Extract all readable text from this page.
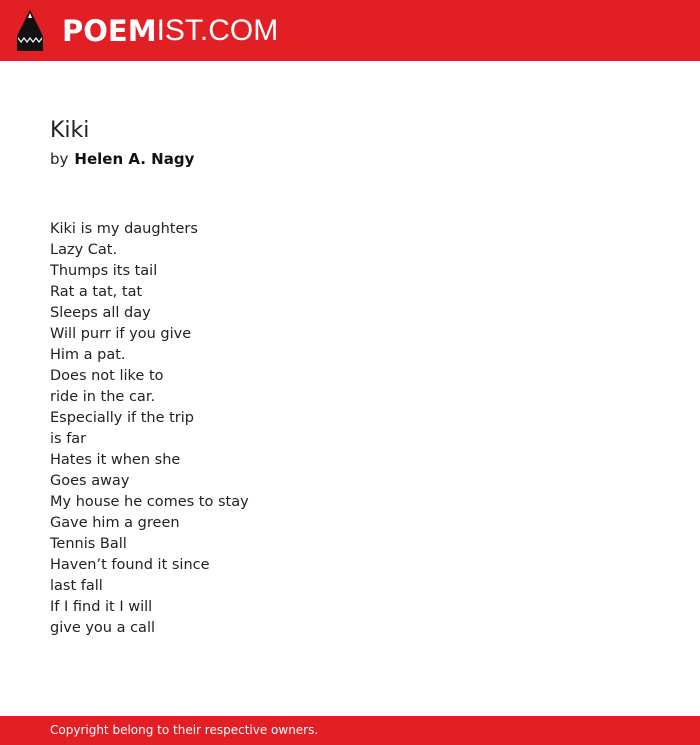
POEM IST.COM
Kiki
by Helen A. Nagy
Kiki is my daughters
Lazy Cat.
Thumps its tail
Rat a tat, tat
Sleeps all day
Will purr if you give
Him a pat.
Does not like to
ride in the car.
Especially if the trip
is far
Hates it when she
Goes away
My house he comes to stay
Gave him a green
Tennis Ball
Haven’t found it since
last fall
If I find it I will
give you a call
Copyright belong to their respective owners.
